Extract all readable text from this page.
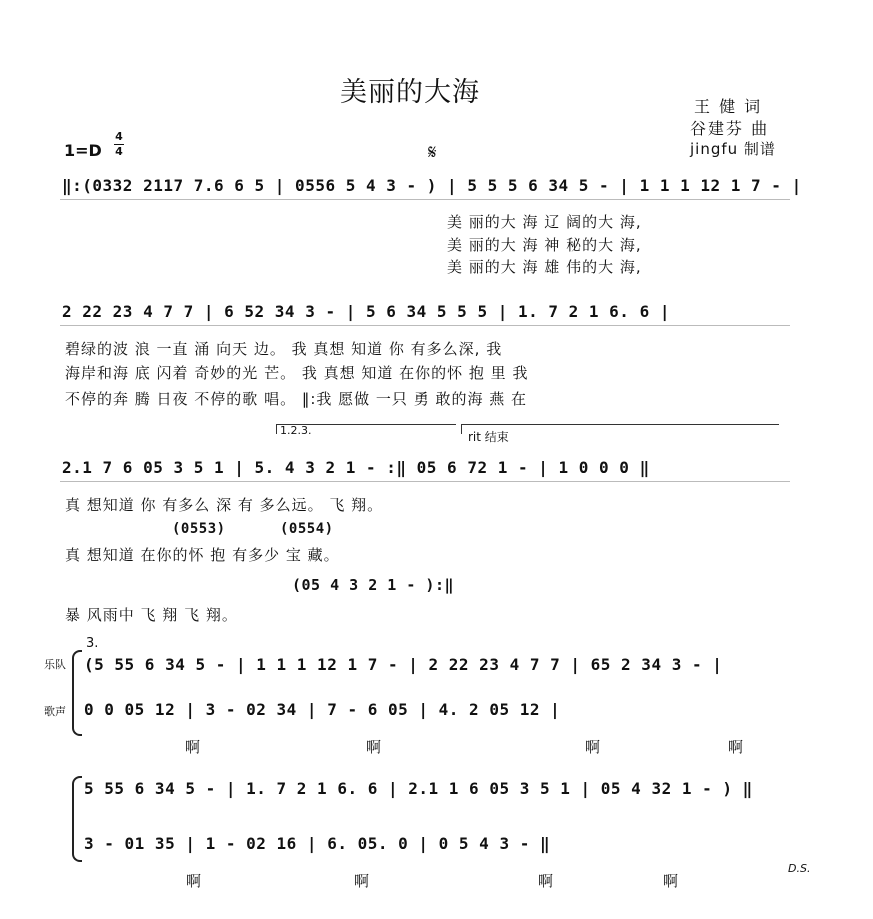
美丽的大海	王 健 词
谷建芬 曲
jingfu 制谱
1=D
4
4	𝄋
‖:(0332 2117 7.6 6 5 | 0556 5 4 3 - ) | 5 5 5 6 34 5 - | 1 1 1 12 1 7 - |
美 丽的大 海 辽 阔的大 海,
美 丽的大 海 神 秘的大 海,
美 丽的大 海 雄 伟的大 海,
2 22 23 4 7 7 | 6 52 34 3 - | 5 6 34 5 5 5 | 1. 7 2 1 6. 6 |
碧绿的波 浪 一直 涌 向天 边。 我 真想 知道 你 有多么深, 我
海岸和海 底 闪着 奇妙的光 芒。 我 真想 知道 在你的怀 抱 里 我
不停的奔 腾 日夜 不停的歌 唱。 ‖:我 愿做 一只 勇 敢的海 燕 在
1.2.3.	rit 结束
2.1 7 6 05 3 5 1 | 5. 4 3 2 1 - :‖ 05 6 72 1 - | 1 0 0 0 ‖
真 想知道 你 有多么 深 有 多么远。 飞 翔。
(0553)	(0554)
真 想知道 在你的怀 抱 有多少 宝 藏。
(05 4 3 2 1 - ):‖
暴 风雨中 飞 翔 飞 翔。
3.
乐队
歌声
(5 55 6 34 5 - | 1 1 1 12 1 7 - | 2 22 23 4 7 7 | 65 2 34 3 - |
0 0 05 12 | 3 - 02 34 | 7 - 6 05 | 4. 2 05 12 |
啊	啊	啊	啊
5 55 6 34 5 - | 1. 7 2 1 6. 6 | 2.1 1 6 05 3 5 1 | 05 4 32 1 - ) ‖
3 - 01 35 | 1 - 02 16 | 6. 05. 0 | 0 5 4 3 - ‖
啊	啊	啊	啊
D.S.
